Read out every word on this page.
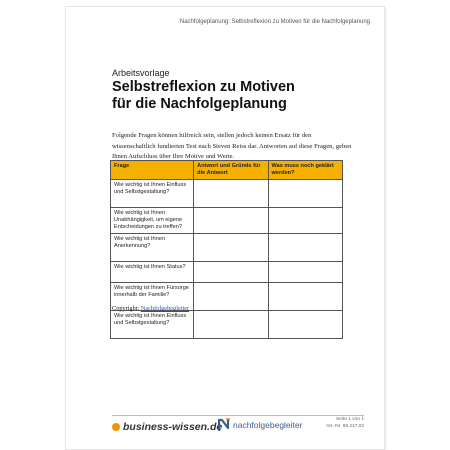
Nachfolgeplanung: Selbstreflexion zu Motiven für die Nachfolgeplanung
Arbeitsvorlage
Selbstreflexion zu Motiven
für die Nachfolgeplanung

Folgende Fragen können hilfreich sein, stellen jedoch keinen Ersatz für den wissenschaftlich fundierten Test nach Steven Reiss dar. Antworten auf diese Fragen, geben Ihnen Aufschluss über Ihre Motive und Werte.

Frage	Antwort und Gründe für die Antwort	Was muss noch geklärt werden?
Wie wichtig ist Ihnen Einfluss und Selbstgestaltung?		
Wie wichtig ist Ihnen Unabhängigkeit, um eigene Entscheidungen zu treffen?		
Wie wichtig ist Ihnen Anerkennung?		
Wie wichtig ist Ihnen Status?		
Wie wichtig ist Ihnen Fürsorge innerhalb der Familie?		
Wie wichtig ist Ihnen Einfluss und Selbstgestaltung?		
Copyright: Nachfolgebegleiter
business-wissen.de nachfolgebegleiter
Seite 1 von 1
Art.-Nr. 99.217.02
